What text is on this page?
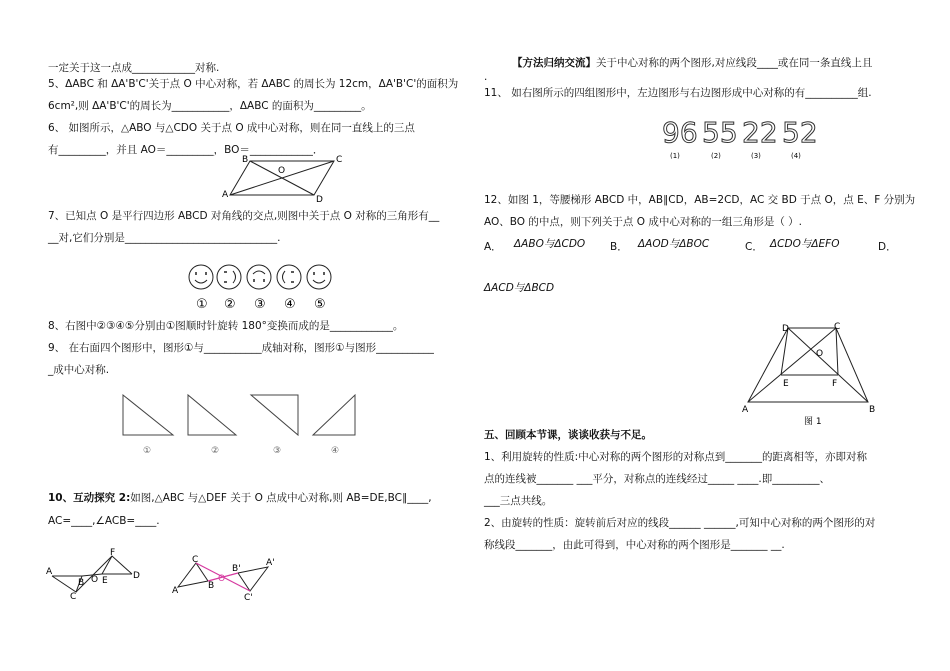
一定关于这一点成____________对称.
5、ΔABC 和 ΔA'B'C'关于点 O 中心对称，若 ΔABC 的周长为 12cm，ΔA'B'C'的面积为
6cm²,则 ΔA'B'C'的周长为___________，ΔABC 的面积为_________。
6、 如图所示，△ABO 与△CDO 关于点 O 成中心对称，则在同一直线上的三点
有_________，并且 AO＝_________，BO＝____________．
A
B	C
D
O
7、已知点 O 是平行四边形 ABCD 对角线的交点,则图中关于点 O 对称的三角形有__
__对,它们分别是_____________________________.
① ② ③ ④ ⑤
8、右图中②③④⑤分别由①图顺时针旋转 180°变换而成的是____________。
9、 在右面四个图形中，图形①与___________成轴对称，图形①与图形___________
_成中心对称.
①	②	③	④
10、互动探究 2:如图,△ABC 与△DEF 关于 O 点成中心对称,则 AB=DE,BC∥____,
AC=____,∠ACB=____.
A
B
C
D
E
F
O
A	B
C
O
B'
A'
C'
【方法归纳交流】关于中心对称的两个图形,对应线段____或在同一条直线上且
.
11、 如右图所示的四组图形中，左边图形与右边图形成中心对称的有__________组.
96 55 22 52
(1)	(2)	(3)	(4)
12、如图 1，等腰梯形 ABCD 中，AB∥CD，AB=2CD，AC 交 BD 于点 O，点 E、F 分别为
AO、BO 的中点，则下列关于点 O 成中心对称的一组三角形是（ ）.
A． ΔABO与ΔCDO B． ΔAOD与ΔBOC	C． ΔCDO与ΔEFO	D．
ΔACD与ΔBCD
D	C
O
E	F
A	B
图 1
五、回顾本节课，谈谈收获与不足。
1、利用旋转的性质:中心对称的两个图形的对称点到_______的距离相等，亦即对称
点的连线被_______ ___平分，对称点的连线经过_____ ____.即_________、
___三点共线。
2、由旋转的性质：旋转前后对应的线段______ ______,可知中心对称的两个图形的对
称线段_______，由此可得到，中心对称的两个图形是_______ __.
